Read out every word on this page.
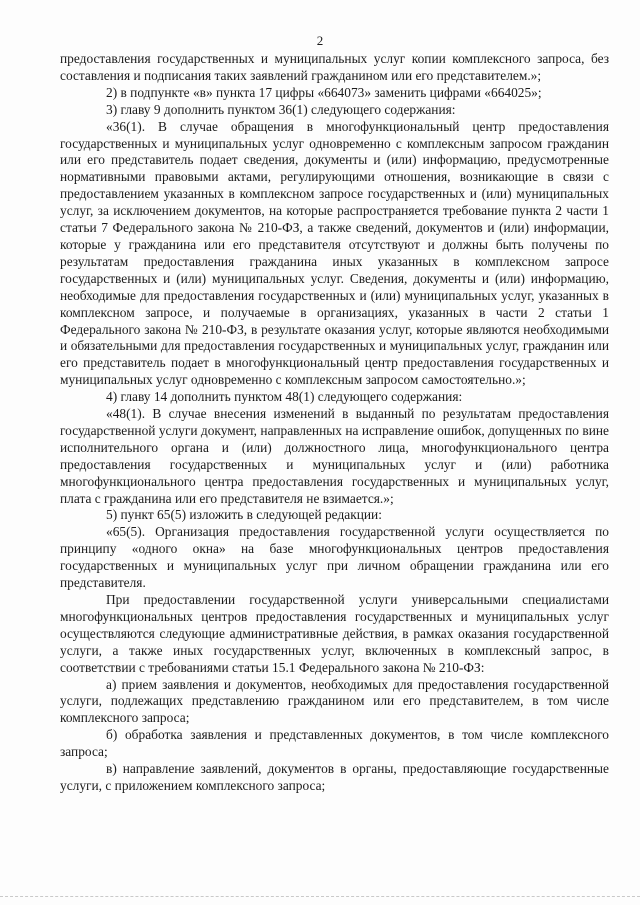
2

предоставления государственных и муниципальных услуг копии комплексного запроса, без составления и подписания таких заявлений гражданином или его представителем.»;

2) в подпункте «в» пункта 17 цифры «664073» заменить цифрами «664025»;

3) главу 9 дополнить пунктом 36(1) следующего содержания:

«36(1). В случае обращения в многофункциональный центр предоставления государственных и муниципальных услуг одновременно с комплексным запросом гражданин или его представитель подает сведения, документы и (или) информацию, предусмотренные нормативными правовыми актами, регулирующими отношения, возникающие в связи с предоставлением указанных в комплексном запросе государственных и (или) муниципальных услуг, за исключением документов, на которые распространяется требование пункта 2 части 1 статьи 7 Федерального закона № 210-ФЗ, а также сведений, документов и (или) информации, которые у гражданина или его представителя отсутствуют и должны быть получены по результатам предоставления гражданина иных указанных в комплексном запросе государственных и (или) муниципальных услуг. Сведения, документы и (или) информацию, необходимые для предоставления государственных и (или) муниципальных услуг, указанных в комплексном запросе, и получаемые в организациях, указанных в части 2 статьи 1 Федерального закона № 210-ФЗ, в результате оказания услуг, которые являются необходимыми и обязательными для предоставления государственных и муниципальных услуг, гражданин или его представитель подает в многофункциональный центр предоставления государственных и муниципальных услуг одновременно с комплексным запросом самостоятельно.»;

4) главу 14 дополнить пунктом 48(1) следующего содержания:

«48(1). В случае внесения изменений в выданный по результатам предоставления государственной услуги документ, направленных на исправление ошибок, допущенных по вине исполнительного органа и (или) должностного лица, многофункционального центра предоставления государственных и муниципальных услуг и (или) работника многофункционального центра предоставления государственных и муниципальных услуг, плата с гражданина или его представителя не взимается.»;

5) пункт 65(5) изложить в следующей редакции:

«65(5). Организация предоставления государственной услуги осуществляется по принципу «одного окна» на базе многофункциональных центров предоставления государственных и муниципальных услуг при личном обращении гражданина или его представителя.

При предоставлении государственной услуги универсальными специалистами многофункциональных центров предоставления государственных и муниципальных услуг осуществляются следующие административные действия, в рамках оказания государственной услуги, а также иных государственных услуг, включенных в комплексный запрос, в соответствии с требованиями статьи 15.1 Федерального закона № 210-ФЗ:

а) прием заявления и документов, необходимых для предоставления государственной услуги, подлежащих представлению гражданином или его представителем, в том числе комплексного запроса;

б) обработка заявления и представленных документов, в том числе комплексного запроса;

в) направление заявлений, документов в органы, предоставляющие государственные услуги, с приложением комплексного запроса;
